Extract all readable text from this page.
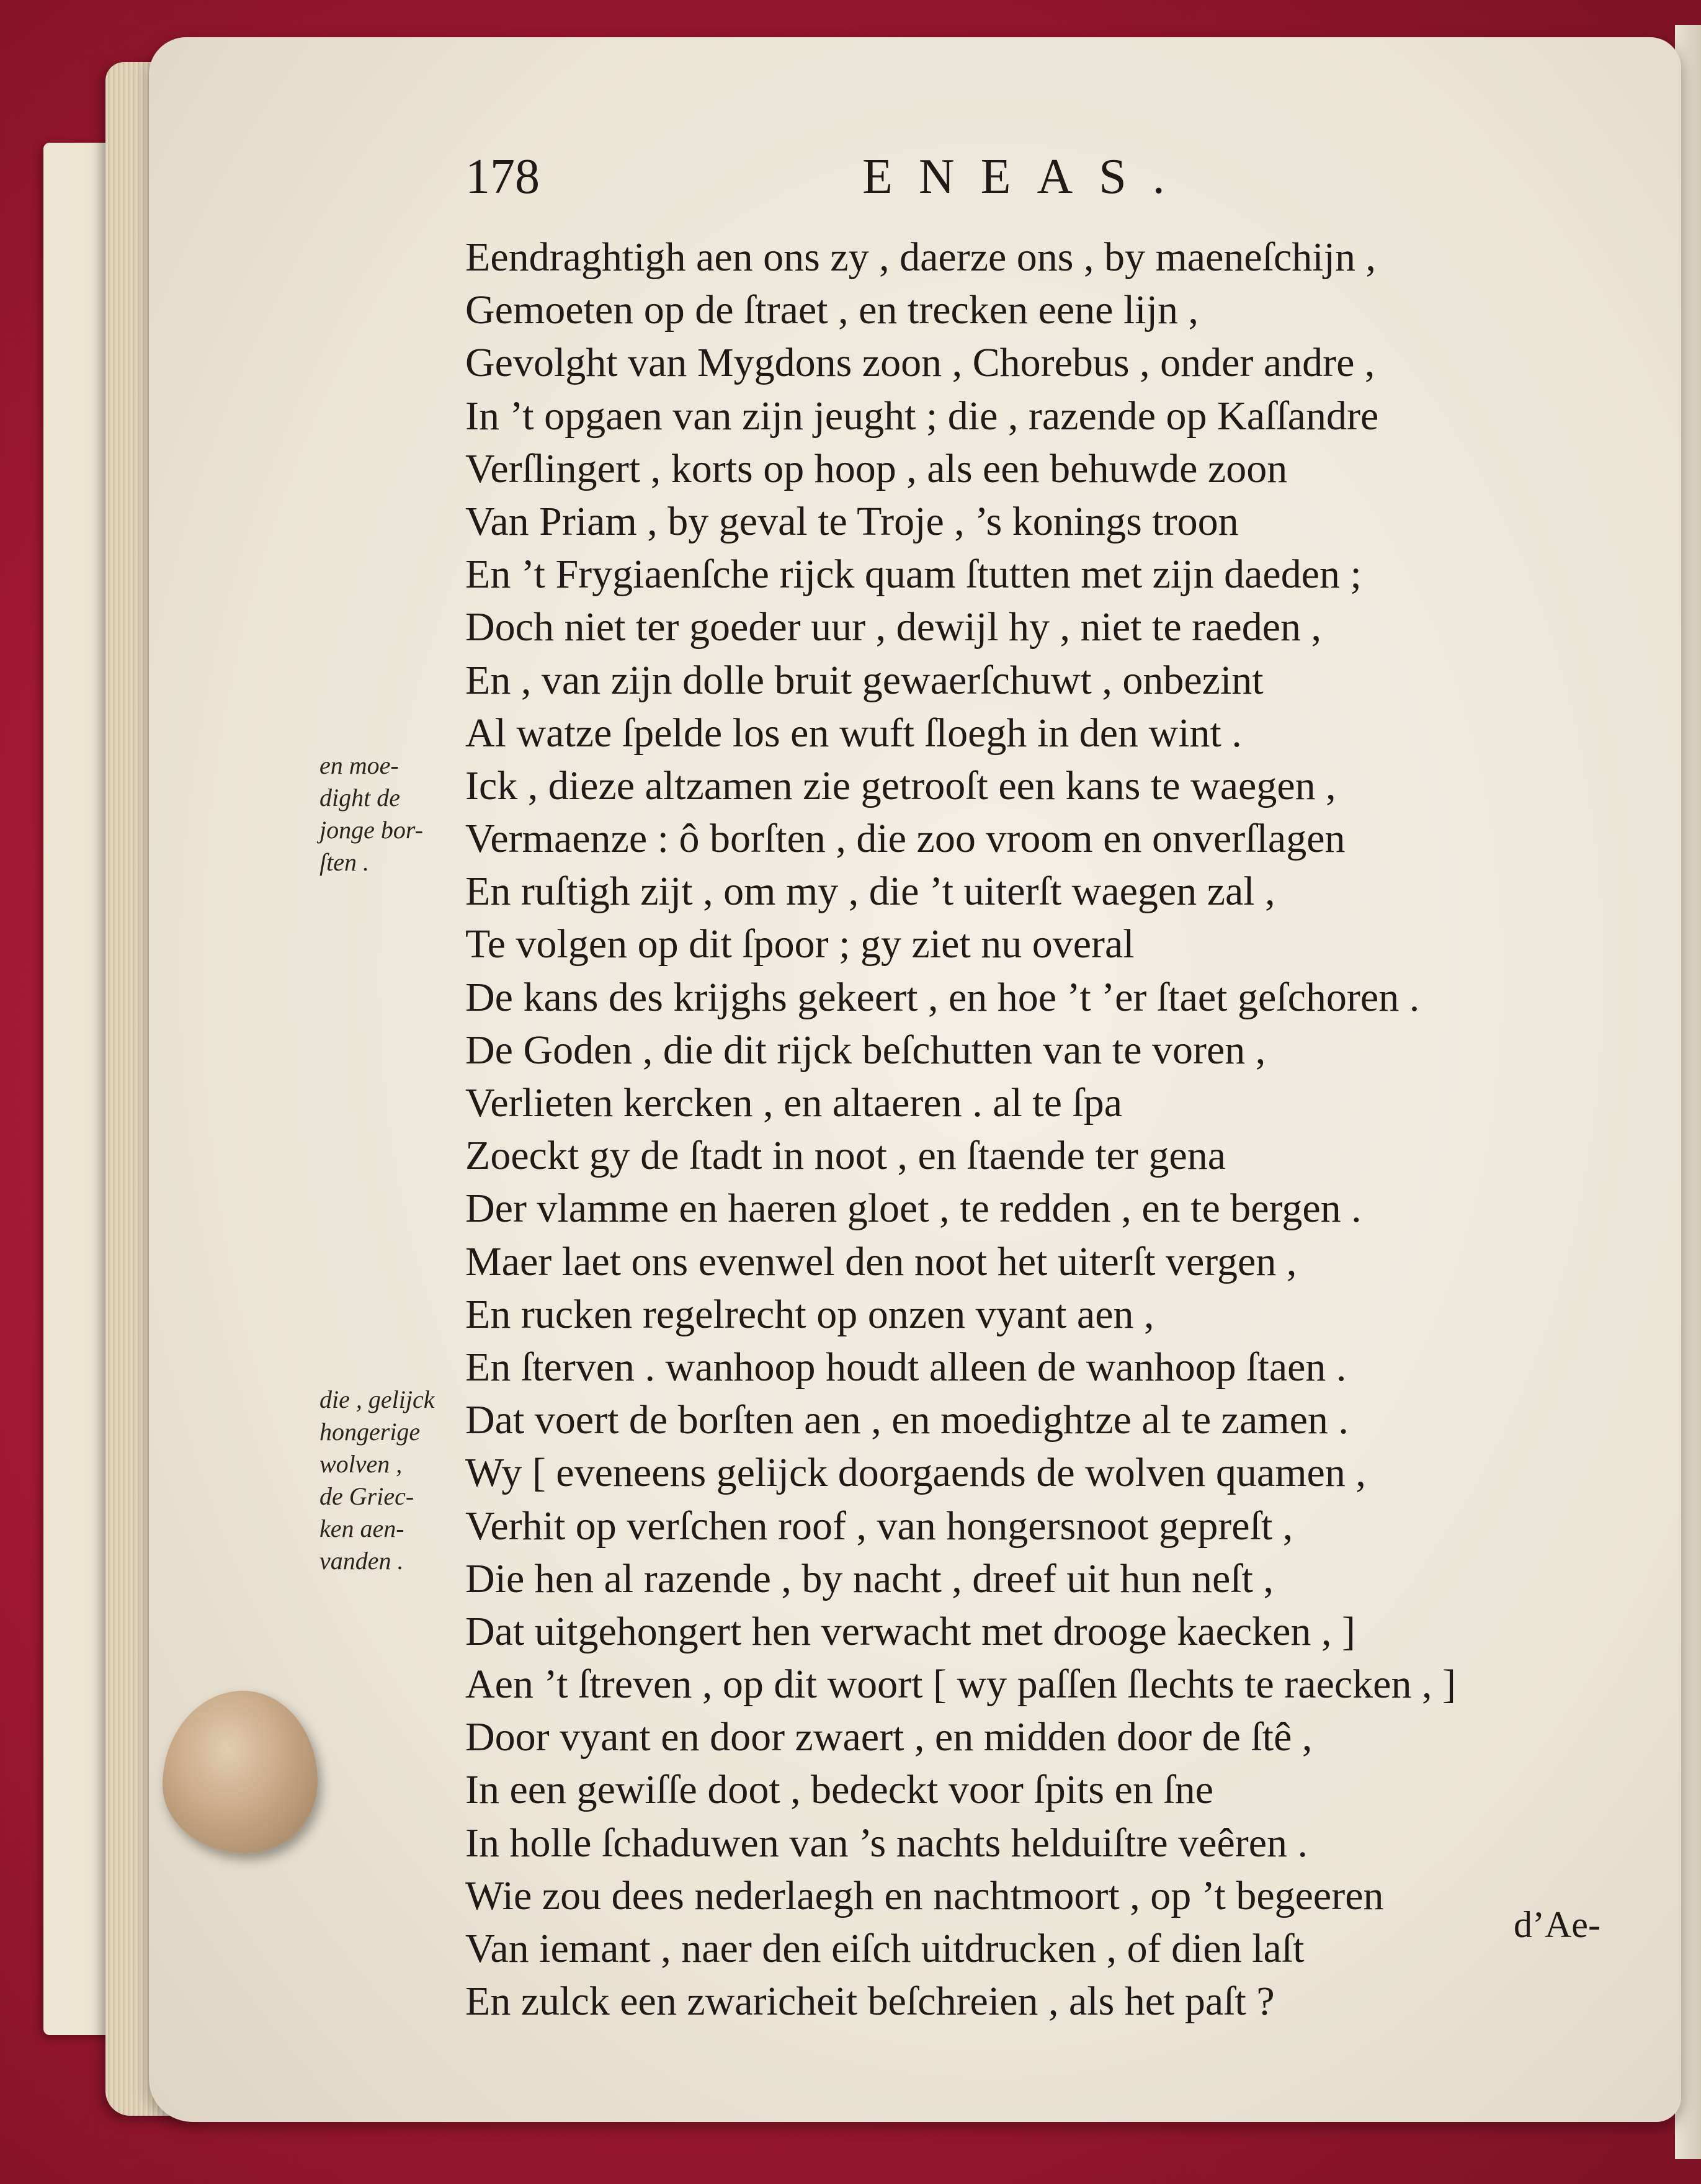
178	ENEAS.
Eendraghtigh aen ons zy , daerze ons , by maeneſchijn ,
Gemoeten op de ſtraet , en trecken eene lijn ,
Gevolght van Mygdons zoon , Chorebus , onder andre ,
In ’t opgaen van zijn jeught ; die , razende op Kaſſandre
Verſlingert , korts op hoop , als een behuwde zoon
Van Priam , by geval te Troje , ’s konings troon
En ’t Frygiaenſche rijck quam ſtutten met zijn daeden ;
Doch niet ter goeder uur , dewijl hy , niet te raeden ,
En , van zijn dolle bruit gewaerſchuwt , onbezint
Al watze ſpelde los en wuft ſloegh in den wint .
Ick , dieze altzamen zie getrooſt een kans te waegen ,
Vermaenze : ô borſten , die zoo vroom en onverſlagen
En ruſtigh zijt , om my , die ’t uiterſt waegen zal ,
Te volgen op dit ſpoor ; gy ziet nu overal
De kans des krijghs gekeert , en hoe ’t ’er ſtaet geſchoren .
De Goden , die dit rijck beſchutten van te voren ,
Verlieten kercken , en altaeren . al te ſpa
Zoeckt gy de ſtadt in noot , en ſtaende ter gena
Der vlamme en haeren gloet , te redden , en te bergen .
Maer laet ons evenwel den noot het uiterſt vergen ,
En rucken regelrecht op onzen vyant aen ,
En ſterven . wanhoop houdt alleen de wanhoop ſtaen .
Dat voert de borſten aen , en moedightze al te zamen .
Wy [ eveneens gelijck doorgaends de wolven quamen ,
Verhit op verſchen roof , van hongersnoot gepreſt ,
Die hen al razende , by nacht , dreef uit hun neſt ,
Dat uitgehongert hen verwacht met drooge kaecken , ]
Aen ’t ſtreven , op dit woort [ wy paſſen ſlechts te raecken , ]
Door vyant en door zwaert , en midden door de ſtê ,
In een gewiſſe doot , bedeckt voor ſpits en ſne
In holle ſchaduwen van ’s nachts helduiſtre veêren .
Wie zou dees nederlaegh en nachtmoort , op ’t begeeren
Van iemant , naer den eiſch uitdrucken , of dien laſt
En zulck een zwaricheit beſchreien , als het paſt ?
en moe-
dight de
jonge bor-
ſten .
die , gelijck
hongerige
wolven ,
de Griec-
ken aen-
vanden .
d’Ae-
